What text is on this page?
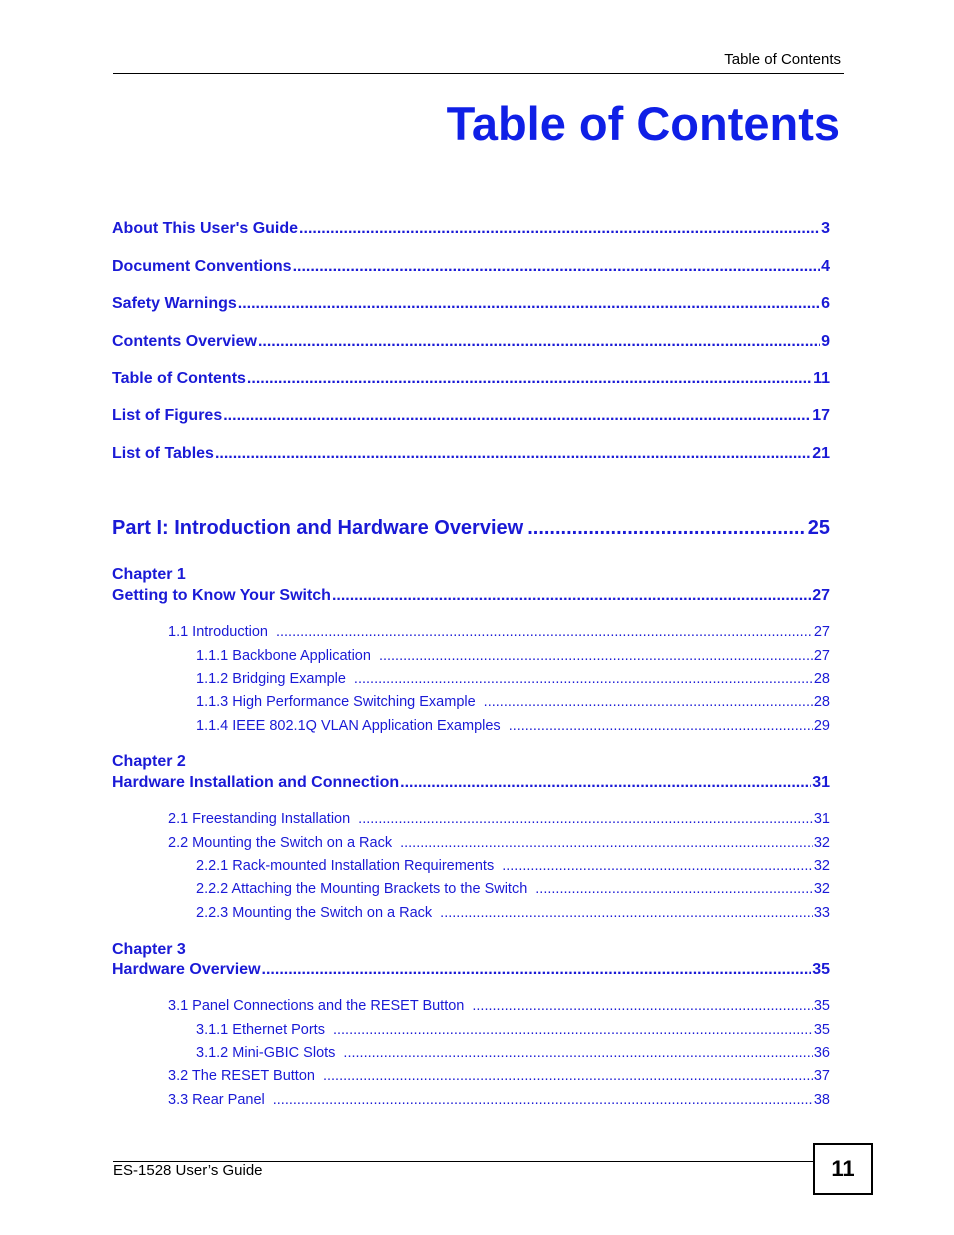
Table of Contents
Table of Contents
About This User's Guide .....	3
Document Conventions .....	4
Safety Warnings .....	6
Contents Overview .....	9
Table of Contents .....	11
List of Figures .....	17
List of Tables .....	21
Part I: Introduction and Hardware Overview .....	25
Chapter 1
Getting to Know Your Switch .....	27
1.1 Introduction .....	27
1.1.1 Backbone Application .....	27
1.1.2 Bridging Example .....	28
1.1.3 High Performance Switching Example .....	28
1.1.4 IEEE 802.1Q VLAN Application Examples .....	29
Chapter 2
Hardware Installation and Connection .....	31
2.1 Freestanding Installation .....	31
2.2 Mounting the Switch on a Rack .....	32
2.2.1 Rack-mounted Installation Requirements .....	32
2.2.2 Attaching the Mounting Brackets to the Switch .....	32
2.2.3 Mounting the Switch on a Rack .....	33
Chapter 3
Hardware Overview .....	35
3.1 Panel Connections and the RESET Button .....	35
3.1.1 Ethernet Ports .....	35
3.1.2 Mini-GBIC Slots .....	36
3.2 The RESET Button .....	37
3.3 Rear Panel .....	38
ES-1528 User’s Guide	11
